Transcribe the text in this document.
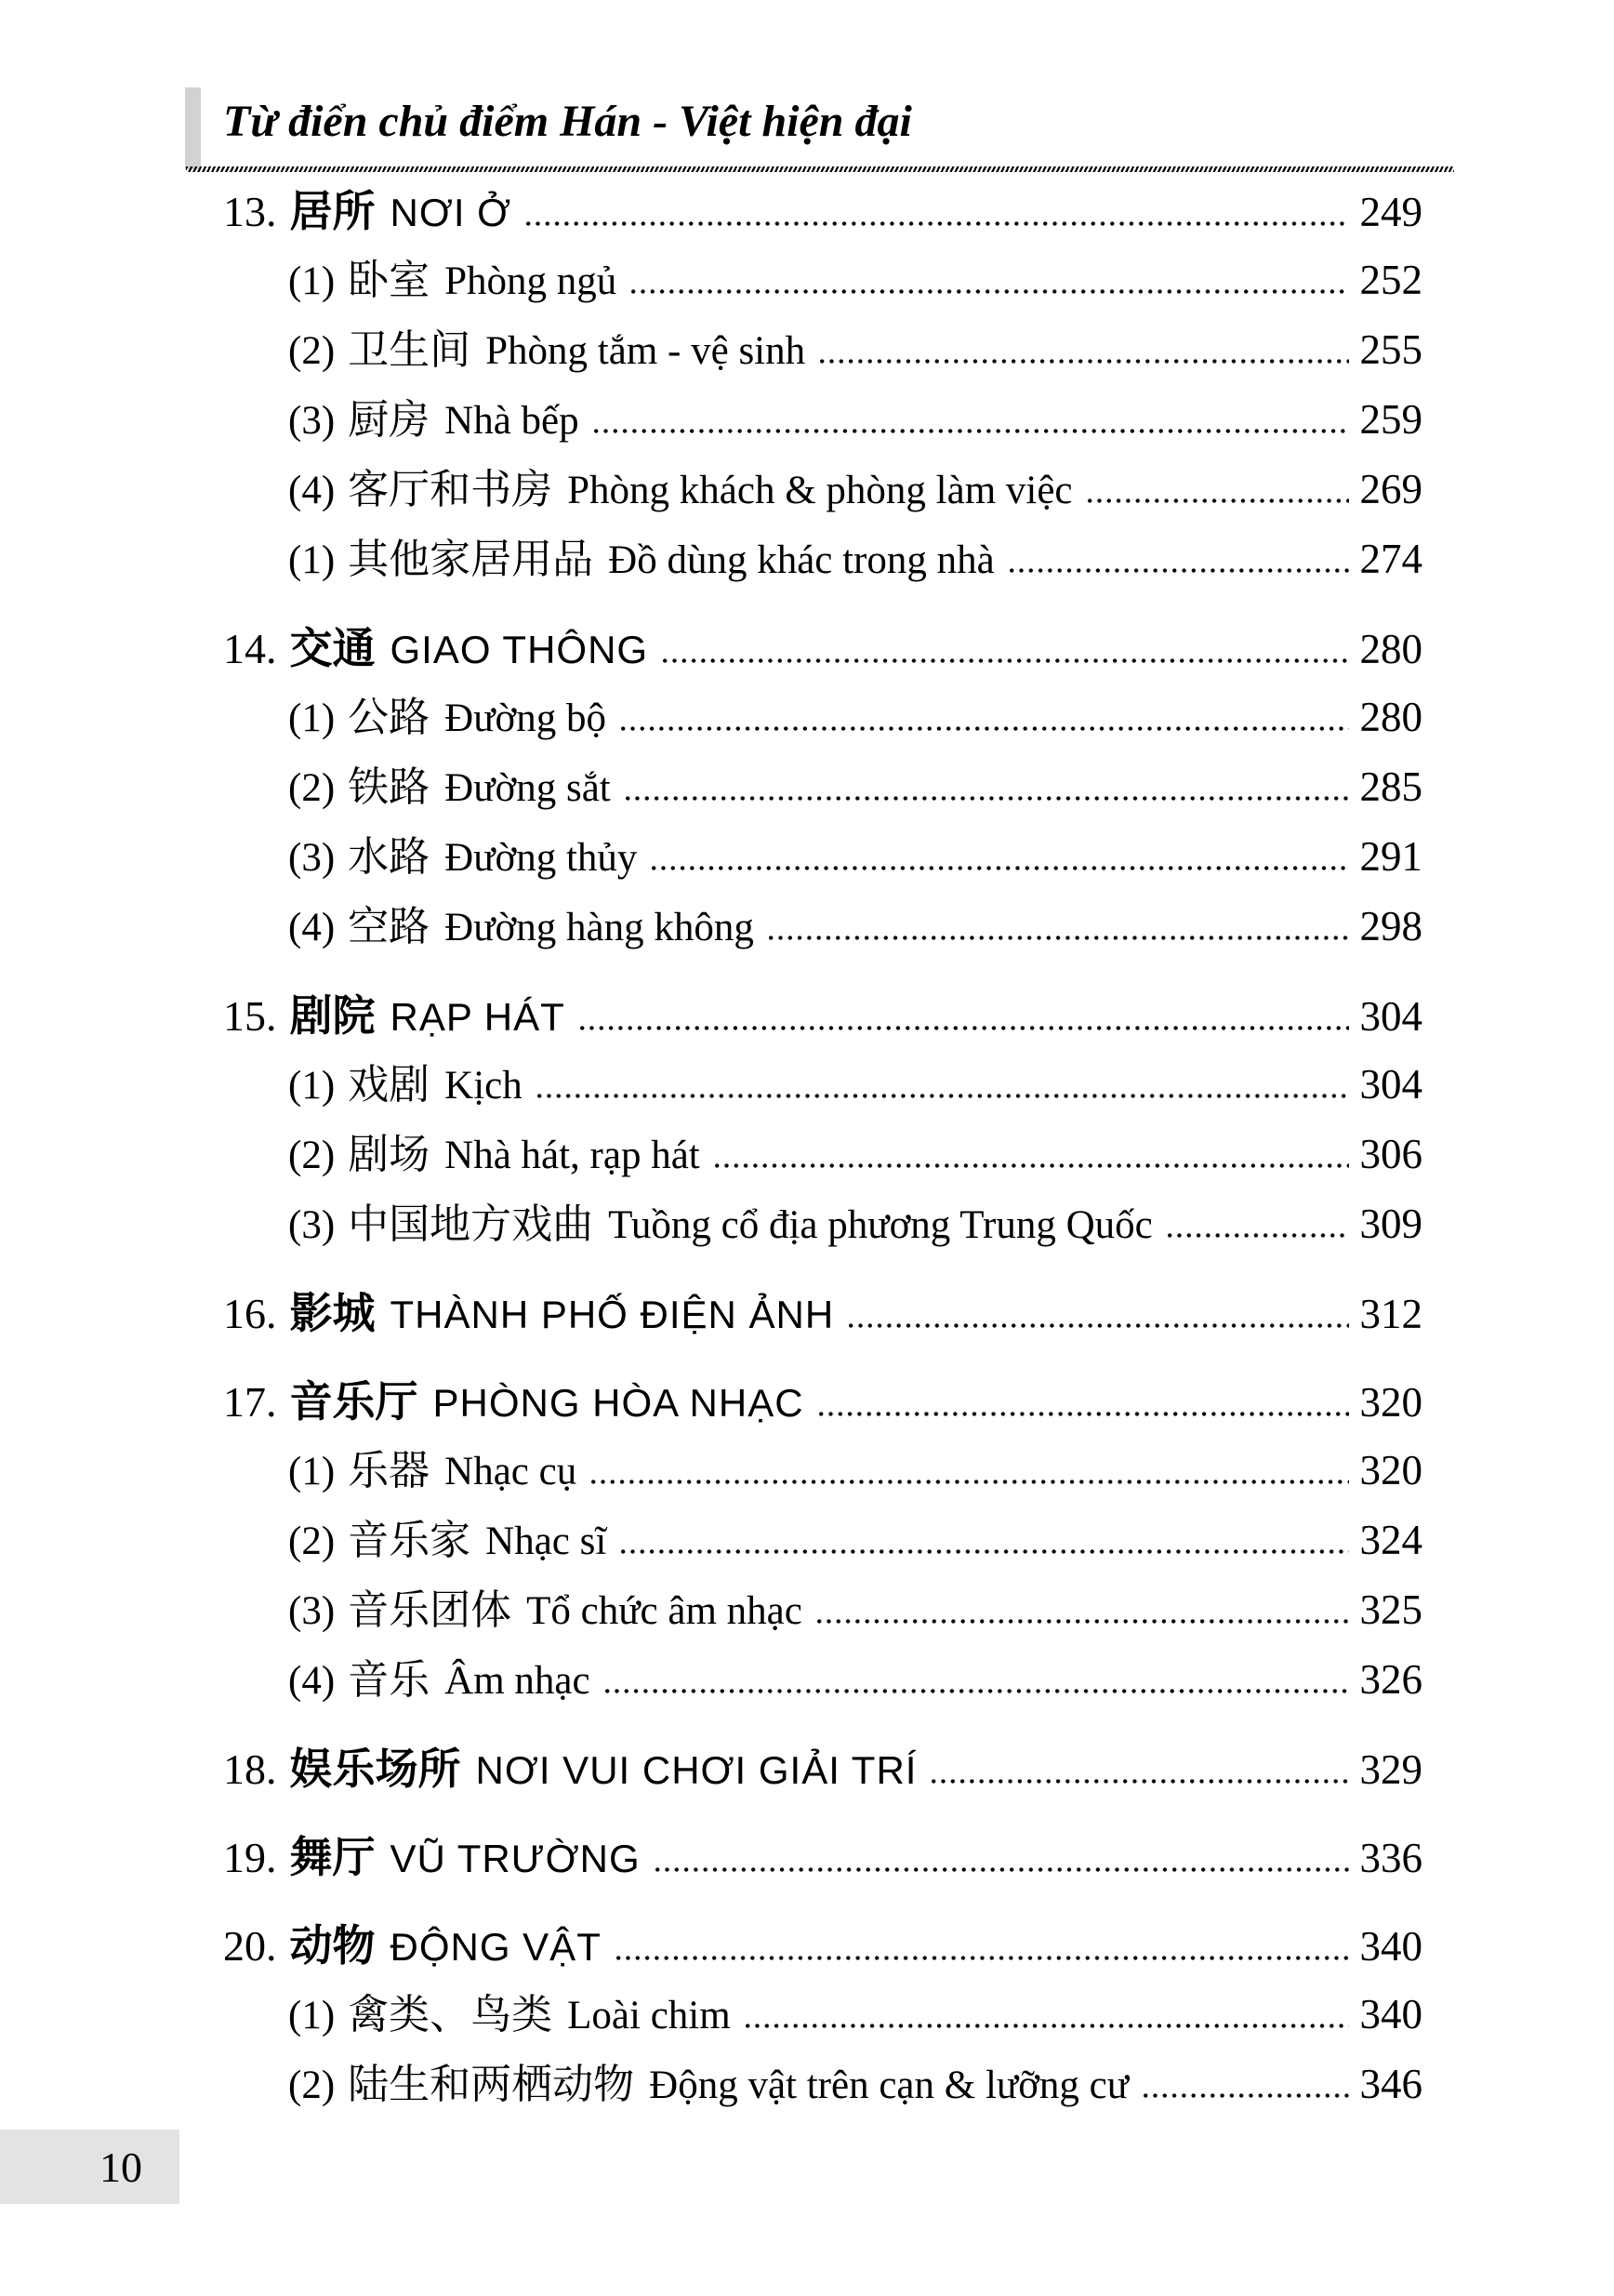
Từ điển chủ điểm Hán - Việt hiện đại
13. 居所 NƠI Ở	249
(1) 卧室 Phòng ngủ	252
(2) 卫生间 Phòng tắm - vệ sinh	255
(3) 厨房 Nhà bếp	259
(4) 客厅和书房 Phòng khách & phòng làm việc	269
(1) 其他家居用品 Đồ dùng khác trong nhà	274
14. 交通 GIAO THÔNG	280
(1) 公路 Đường bộ	280
(2) 铁路 Đường sắt	285
(3) 水路 Đường thủy	291
(4) 空路 Đường hàng không	298
15. 剧院 RẠP HÁT	304
(1) 戏剧 Kịch	304
(2) 剧场 Nhà hát, rạp hát	306
(3) 中国地方戏曲 Tuồng cổ địa phương Trung Quốc	309
16. 影城 THÀNH PHỐ ĐIỆN ẢNH	312
17. 音乐厅 PHÒNG HÒA NHẠC	320
(1) 乐器 Nhạc cụ	320
(2) 音乐家 Nhạc sĩ	324
(3) 音乐团体 Tổ chức âm nhạc	325
(4) 音乐 Âm nhạc	326
18. 娱乐场所 NƠI VUI CHƠI GIẢI TRÍ	329
19. 舞厅 VŨ TRƯỜNG	336
20. 动物 ĐỘNG VẬT	340
(1) 禽类、鸟类 Loài chim	340
(2) 陆生和两栖动物 Động vật trên cạn & lưỡng cư	346
10
